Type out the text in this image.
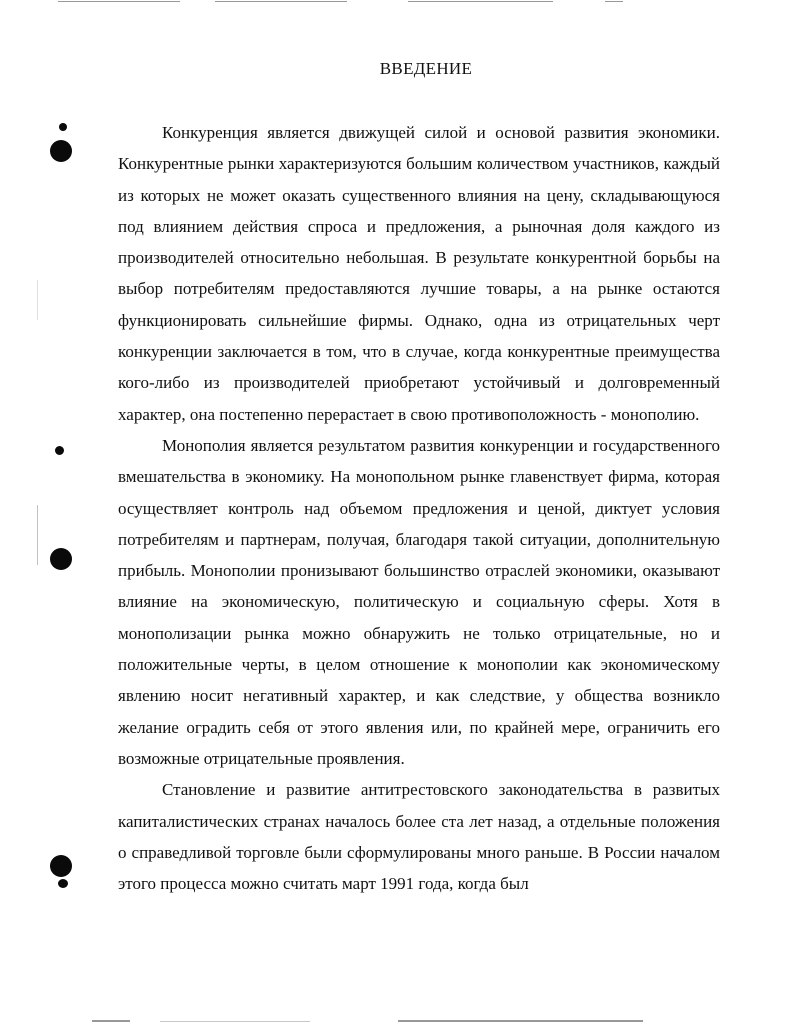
ВВЕДЕНИЕ

Конкуренция является движущей силой и основой развития экономики. Конкурентные рынки характеризуются большим количеством участников, каждый из которых не может оказать существенного влияния на цену, складывающуюся под влиянием действия спроса и предложения, а рыночная доля каждого из производителей относительно небольшая. В результате конкурентной борьбы на выбор потребителям предоставляются лучшие товары, а на рынке остаются функционировать сильнейшие фирмы. Однако, одна из отрицательных черт конкуренции заключается в том, что в случае, когда конкурентные преимущества кого-либо из производителей приобретают устойчивый и долговременный характер, она постепенно перерастает в свою противоположность - монополию.

Монополия является результатом развития конкуренции и государственного вмешательства в экономику. На монопольном рынке главенствует фирма, которая осуществляет контроль над объемом предложения и ценой, диктует условия потребителям и партнерам, получая, благодаря такой ситуации, дополнительную прибыль. Монополии пронизывают большинство отраслей экономики, оказывают влияние на экономическую, политическую и социальную сферы. Хотя в монополизации рынка можно обнаружить не только отрицательные, но и положительные черты, в целом отношение к монополии как экономическому явлению носит негативный характер, и как следствие, у общества возникло желание оградить себя от этого явления или, по крайней мере, ограничить его возможные отрицательные проявления.

Становление и развитие антитрестовского законодательства в развитых капиталистических странах началось более ста лет назад, а отдельные положения о справедливой торговле были сформулированы много раньше. В России началом этого процесса можно считать март 1991 года, когда был
